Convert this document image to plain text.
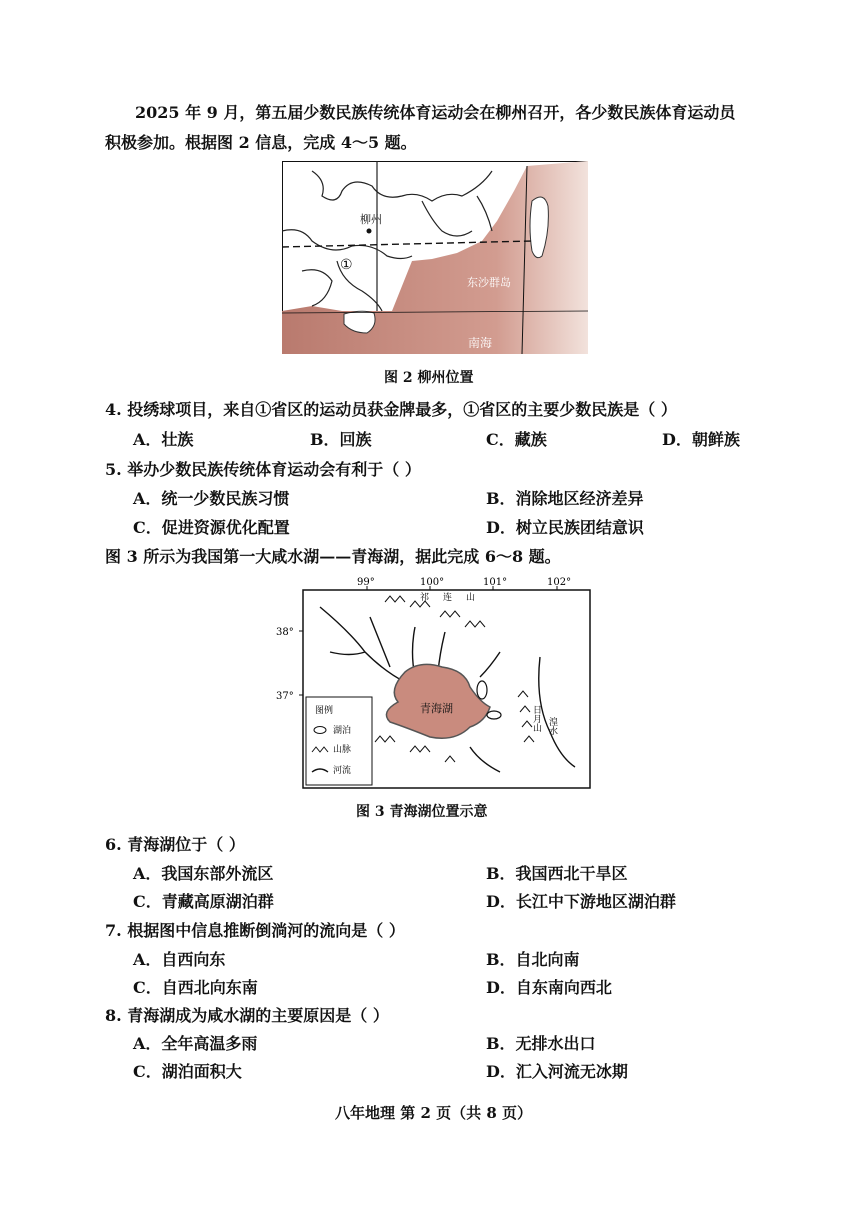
2025 年 9 月，第五届少数民族传统体育运动会在柳州召开，各少数民族体育运动员
积极参加。根据图 2 信息，完成 4～5 题。
柳州
①
东沙群岛
南海
图 2 柳州位置
4. 投绣球项目，来自①省区的运动员获金牌最多，①省区的主要少数民族是（ ）
A．壮族	B．回族	C．藏族	D．朝鲜族
5. 举办少数民族传统体育运动会有利于（ ）
A．统一少数民族习惯	B．消除地区经济差异
C．促进资源优化配置	D．树立民族团结意识
图 3 所示为我国第一大咸水湖——青海湖，据此完成 6～8 题。
99°	100°	101°	102°
38°
37°
祁连山
日月山 湟水
青海湖
图例
湖泊
山脉
河流
图 3 青海湖位置示意
6. 青海湖位于（ ）
A．我国东部外流区	B．我国西北干旱区
C．青藏高原湖泊群	D．长江中下游地区湖泊群
7. 根据图中信息推断倒淌河的流向是（ ）
A．自西向东	B．自北向南
C．自西北向东南	D．自东南向西北
8. 青海湖成为咸水湖的主要原因是（ ）
A．全年高温多雨	B．无排水出口
C．湖泊面积大	D．汇入河流无冰期
八年地理 第 2 页（共 8 页）
